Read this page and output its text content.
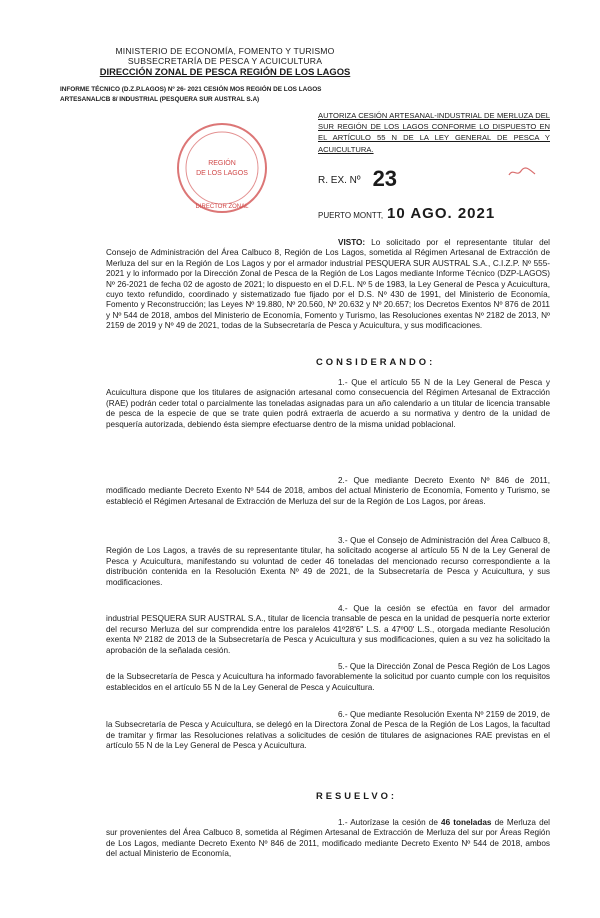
MINISTERIO DE ECONOMÍA, FOMENTO Y TURISMO
SUBSECRETARÍA DE PESCA Y ACUICULTURA
DIRECCIÓN ZONAL DE PESCA REGIÓN DE LOS LAGOS
INFORME TÉCNICO (D.Z.P.LAGOS) Nº 26- 2021 CESIÓN MOS REGIÓN DE LOS LAGOS
ARTESANAL/CB 8/ INDUSTRIAL (PESQUERA SUR AUSTRAL S.A)
AUTORIZA CESIÓN ARTESANAL-INDUSTRIAL DE MERLUZA DEL SUR REGIÓN DE LOS LAGOS CONFORME LO DISPUESTO EN EL ARTÍCULO 55 N DE LA LEY GENERAL DE PESCA Y ACUICULTURA.
REGIÓN
DE LOS LAGOS
DIRECTOR ZONAL
R. EX. Nº 23
PUERTO MONTT, 10 AGO. 2021
VISTO: Lo solicitado por el representante titular del Consejo de Administración del Área Calbuco 8, Región de Los Lagos, sometida al Régimen Artesanal de Extracción de Merluza del sur en la Región de Los Lagos y por el armador industrial PESQUERA SUR AUSTRAL S.A., C.I.Z.P. Nº 555-2021 y lo informado por la Dirección Zonal de Pesca de la Región de Los Lagos mediante Informe Técnico (DZP-LAGOS) Nº 26-2021 de fecha 02 de agosto de 2021; lo dispuesto en el D.F.L. Nº 5 de 1983, la Ley General de Pesca y Acuicultura, cuyo texto refundido, coordinado y sistematizado fue fijado por el D.S. Nº 430 de 1991, del Ministerio de Economía, Fomento y Reconstrucción; las Leyes Nº 19.880, Nº 20.560, Nº 20.632 y Nº 20.657; los Decretos Exentos Nº 876 de 2011 y Nº 544 de 2018, ambos del Ministerio de Economía, Fomento y Turismo, las Resoluciones exentas Nº 2182 de 2013, Nº 2159 de 2019 y Nº 49 de 2021, todas de la Subsecretaría de Pesca y Acuicultura, y sus modificaciones.
CONSIDERANDO:
1.- Que el artículo 55 N de la Ley General de Pesca y Acuicultura dispone que los titulares de asignación artesanal como consecuencia del Régimen Artesanal de Extracción (RAE) podrán ceder total o parcialmente las toneladas asignadas para un año calendario a un titular de licencia transable de pesca de la especie de que se trate quien podrá extraerla de acuerdo a su normativa y dentro de la unidad de pesquería autorizada, debiendo ésta siempre efectuarse dentro de la misma unidad poblacional.
2.- Que mediante Decreto Exento Nº 846 de 2011, modificado mediante Decreto Exento Nº 544 de 2018, ambos del actual Ministerio de Economía, Fomento y Turismo, se estableció el Régimen Artesanal de Extracción de Merluza del sur de la Región de Los Lagos, por áreas.
3.- Que el Consejo de Administración del Área Calbuco 8, Región de Los Lagos, a través de su representante titular, ha solicitado acogerse al artículo 55 N de la Ley General de Pesca y Acuicultura, manifestando su voluntad de ceder 46 toneladas del mencionado recurso correspondiente a la distribución contenida en la Resolución Exenta Nº 49 de 2021, de la Subsecretaría de Pesca y Acuicultura, y sus modificaciones.
4.- Que la cesión se efectúa en favor del armador industrial PESQUERA SUR AUSTRAL S.A., titular de licencia transable de pesca en la unidad de pesquería norte exterior del recurso Merluza del sur comprendida entre los paralelos 41º28'6" L.S. a 47º00' L.S., otorgada mediante Resolución exenta Nº 2182 de 2013 de la Subsecretaría de Pesca y Acuicultura y sus modificaciones, quien a su vez ha solicitado la aprobación de la señalada cesión.
5.- Que la Dirección Zonal de Pesca Región de Los Lagos de la Subsecretaría de Pesca y Acuicultura ha informado favorablemente la solicitud por cuanto cumple con los requisitos establecidos en el artículo 55 N de la Ley General de Pesca y Acuicultura.
6.- Que mediante Resolución Exenta Nº 2159 de 2019, de la Subsecretaría de Pesca y Acuicultura, se delegó en la Directora Zonal de Pesca de la Región de Los Lagos, la facultad de tramitar y firmar las Resoluciones relativas a solicitudes de cesión de titulares de asignaciones RAE previstas en el artículo 55 N de la Ley General de Pesca y Acuicultura.
RESUELVO:
1.- Autorízase la cesión de 46 toneladas de Merluza del sur provenientes del Área Calbuco 8, sometida al Régimen Artesanal de Extracción de Merluza del sur por Áreas Región de Los Lagos, mediante Decreto Exento Nº 846 de 2011, modificado mediante Decreto Exento Nº 544 de 2018, ambos del actual Ministerio de Economía,
